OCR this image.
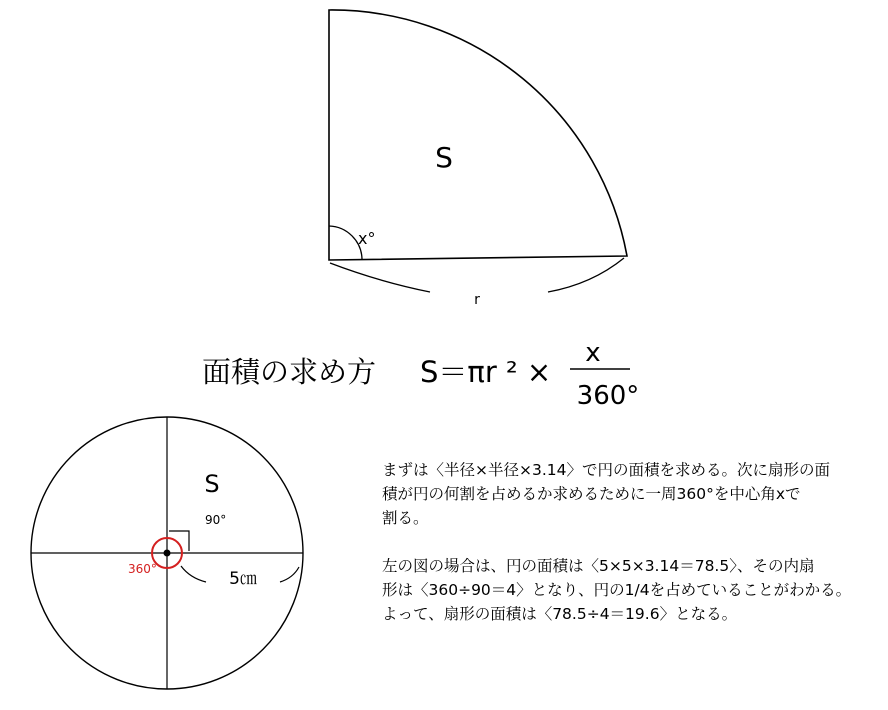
S
x°
r
面積の求め方 S＝πr ² ×
x
360°
S
90°
360°	5㎝

まずは〈半径×半径×3.14〉で円の面積を求める。次に扇形の面
積が円の何割を占めるか求めるために一周360°を中心角xで
割る。

左の図の場合は、円の面積は〈5×5×3.14＝78.5〉、その内扇
形は〈360÷90＝4〉となり、円の1/4を占めていることがわかる。
よって、扇形の面積は〈78.5÷4＝19.6〉となる。
